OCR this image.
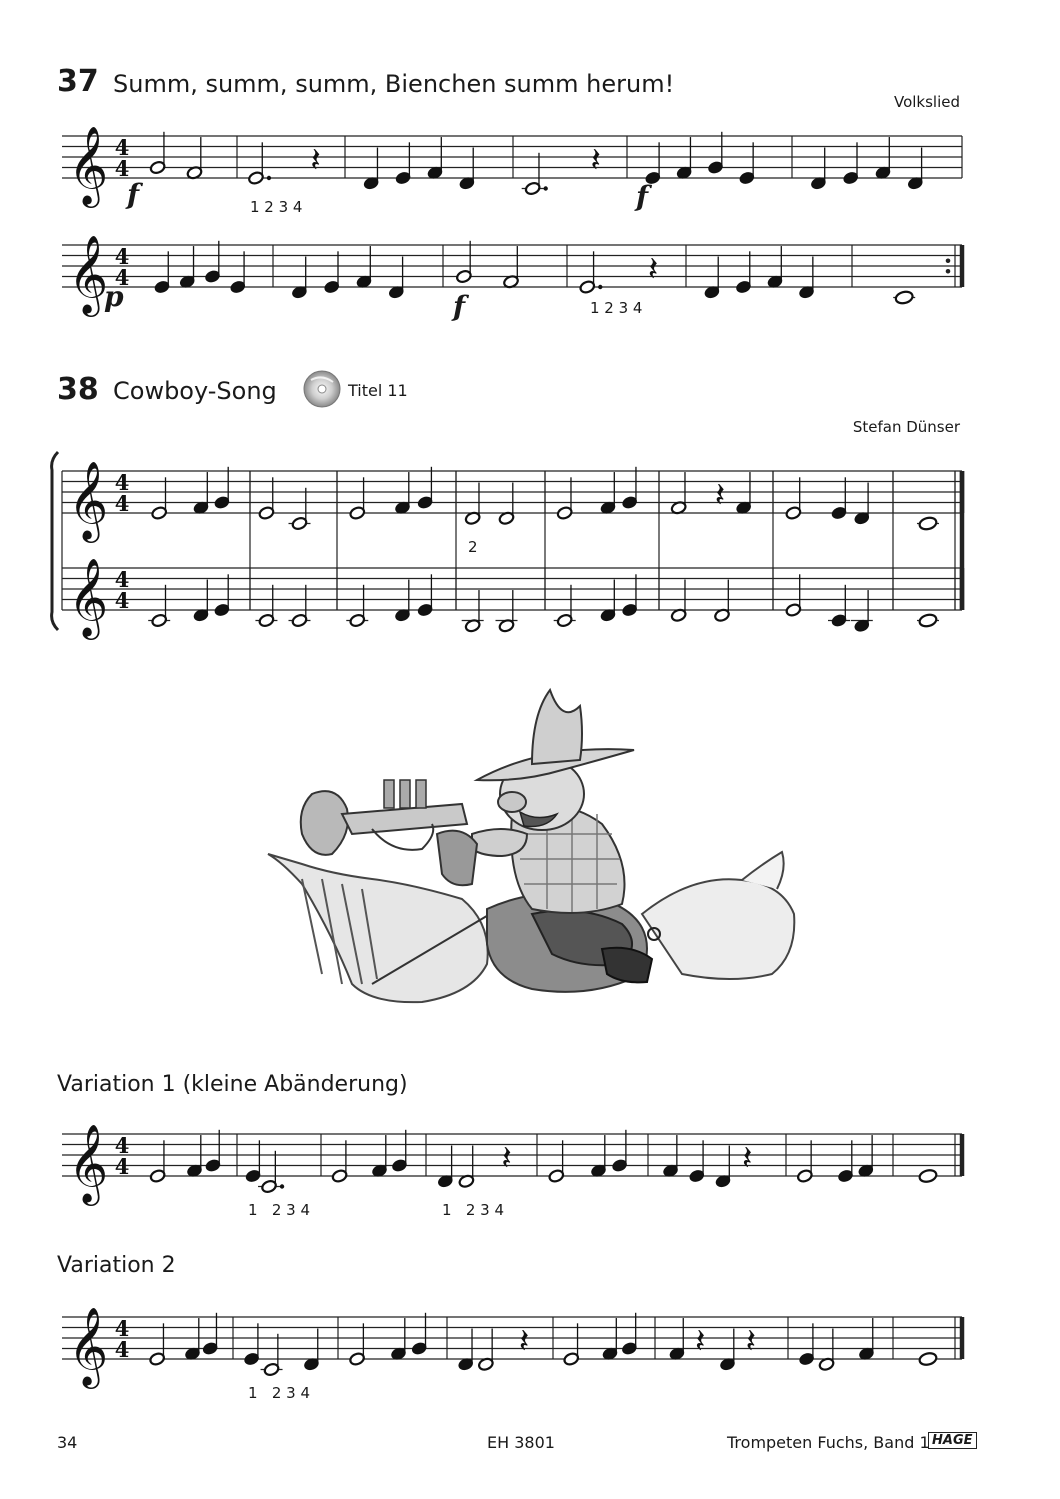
37 Summ, summ, summ, Bienchen summ herum!
Volkslied
𝄞 4
4	𝄽	𝄽
𝄞 4
4	𝄽
𝄞 4
4	𝄽
𝄞 4
4
𝄞 4
4	𝄽	𝄽
𝄞 4
4	𝄽	𝄽 𝄽
f	1 2 3 4	f
p	f	1 2 3 4
38 Cowboy-Song	Titel 11
Stefan Dünser
2
Variation 1 (kleine Abänderung)
1   2 3 4	1   2 3 4
Variation 2
1   2 3 4
34	EH 3801	Trompeten Fuchs, Band 1 HAGE
